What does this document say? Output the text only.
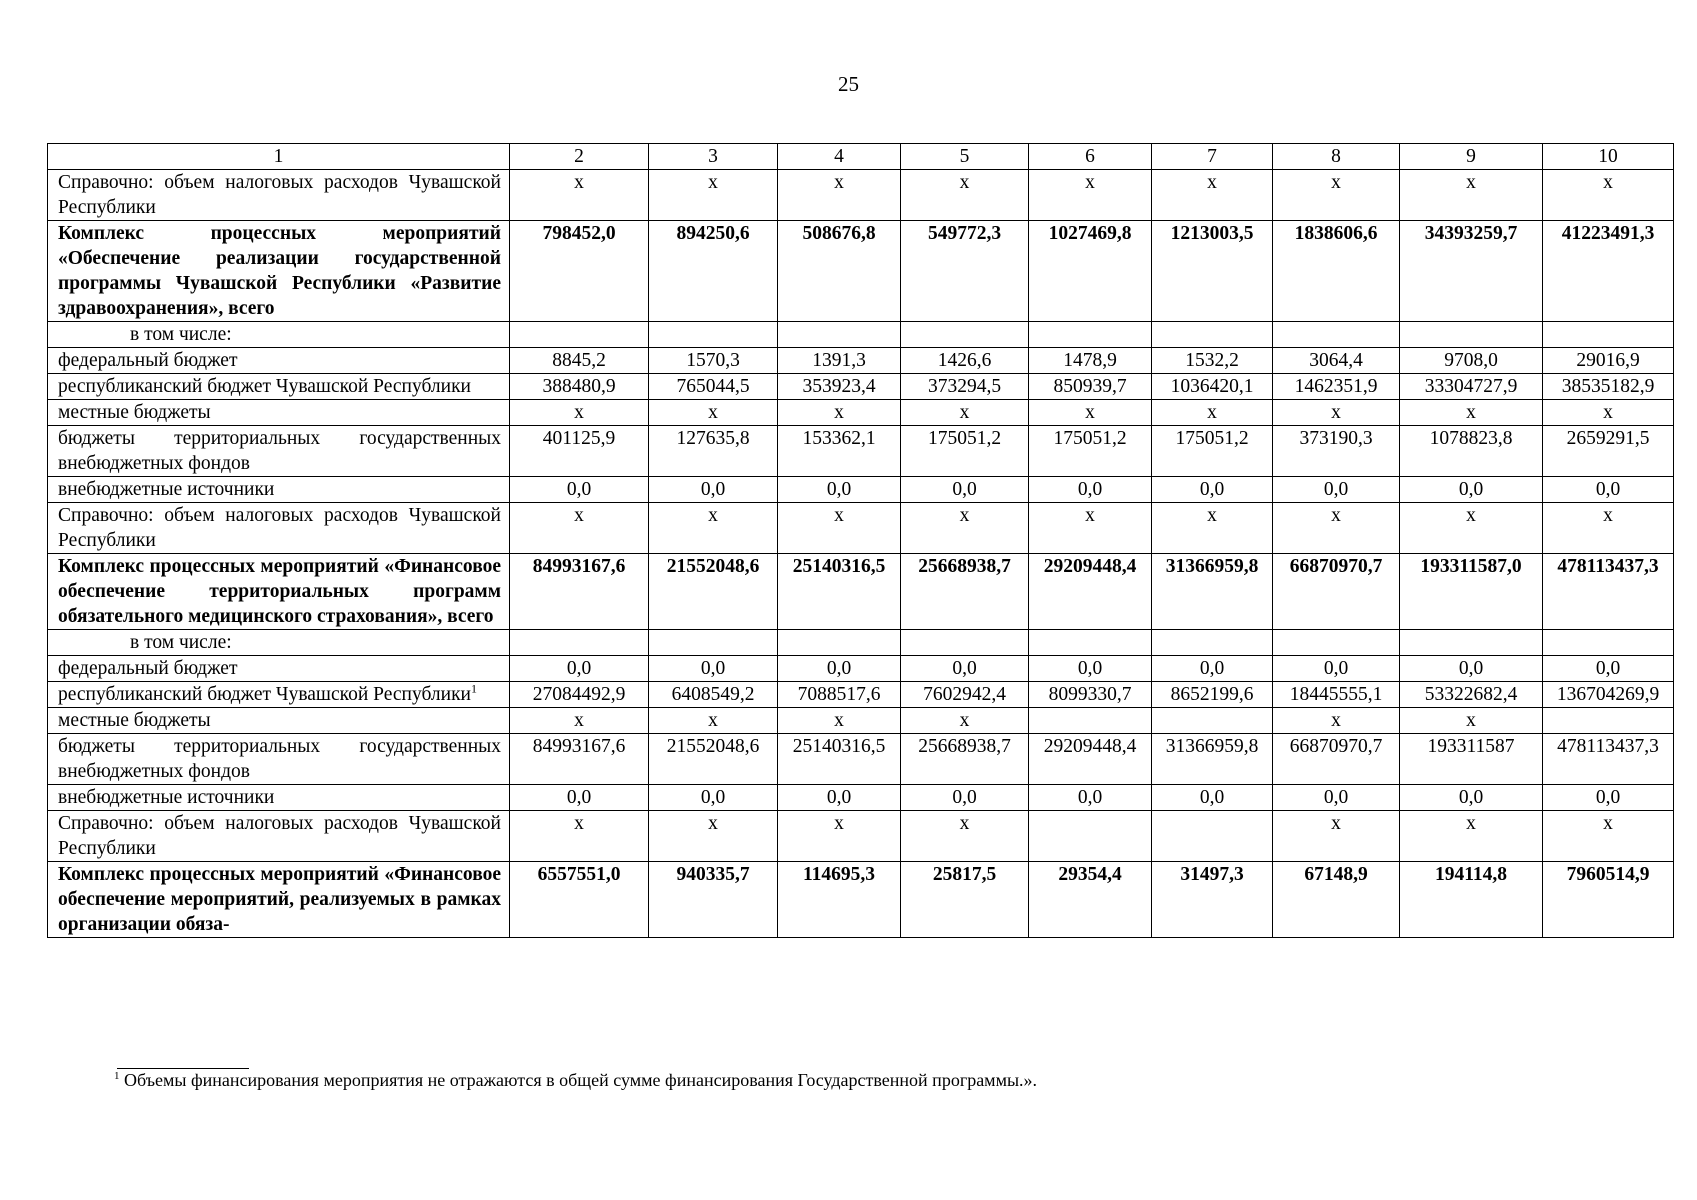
25
1	2	3	4	5	6	7	8	9	10
Справочно: объем налоговых расходов Чувашской Республики	x	x	x	x	x	x	x	x	x
Комплекс процессных мероприятий «Обеспечение реализации государственной программы Чувашской Республики «Развитие здравоохранения», всего	798452,0	894250,6	508676,8	549772,3	1027469,8	1213003,5	1838606,6	34393259,7	41223491,3
в том числе:									
федеральный бюджет	8845,2	1570,3	1391,3	1426,6	1478,9	1532,2	3064,4	9708,0	29016,9
республиканский бюджет Чувашской Республики	388480,9	765044,5	353923,4	373294,5	850939,7	1036420,1	1462351,9	33304727,9	38535182,9
местные бюджеты	x	x	x	x	x	x	x	x	x
бюджеты территориальных государственных внебюджетных фондов	401125,9	127635,8	153362,1	175051,2	175051,2	175051,2	373190,3	1078823,8	2659291,5
внебюджетные источники	0,0	0,0	0,0	0,0	0,0	0,0	0,0	0,0	0,0
Справочно: объем налоговых расходов Чувашской Республики	x	x	x	x	x	x	x	x	x
Комплекс процессных мероприятий «Финансовое обеспечение территориальных программ обязательного медицинского страхования», всего	84993167,6	21552048,6	25140316,5	25668938,7	29209448,4	31366959,8	66870970,7	193311587,0	478113437,3
в том числе:									
федеральный бюджет	0,0	0,0	0,0	0,0	0,0	0,0	0,0	0,0	0,0
республиканский бюджет Чувашской Республики$^1$	27084492,9	6408549,2	7088517,6	7602942,4	8099330,7	8652199,6	18445555,1	53322682,4	136704269,9
местные бюджеты	x	x	x	x			x	x	
бюджеты территориальных государственных внебюджетных фондов	84993167,6	21552048,6	25140316,5	25668938,7	29209448,4	31366959,8	66870970,7	193311587	478113437,3
внебюджетные источники	0,0	0,0	0,0	0,0	0,0	0,0	0,0	0,0	0,0
Справочно: объем налоговых расходов Чувашской Республики	x	x	x	x			x	x	x
Комплекс процессных мероприятий «Финансовое обеспечение мероприятий, реализуемых в рамках организации обяза-	6557551,0	940335,7	114695,3	25817,5	29354,4	31497,3	67148,9	194114,8	7960514,9
$^1$ Объемы финансирования мероприятия не отражаются в общей сумме финансирования Государственной программы.».
